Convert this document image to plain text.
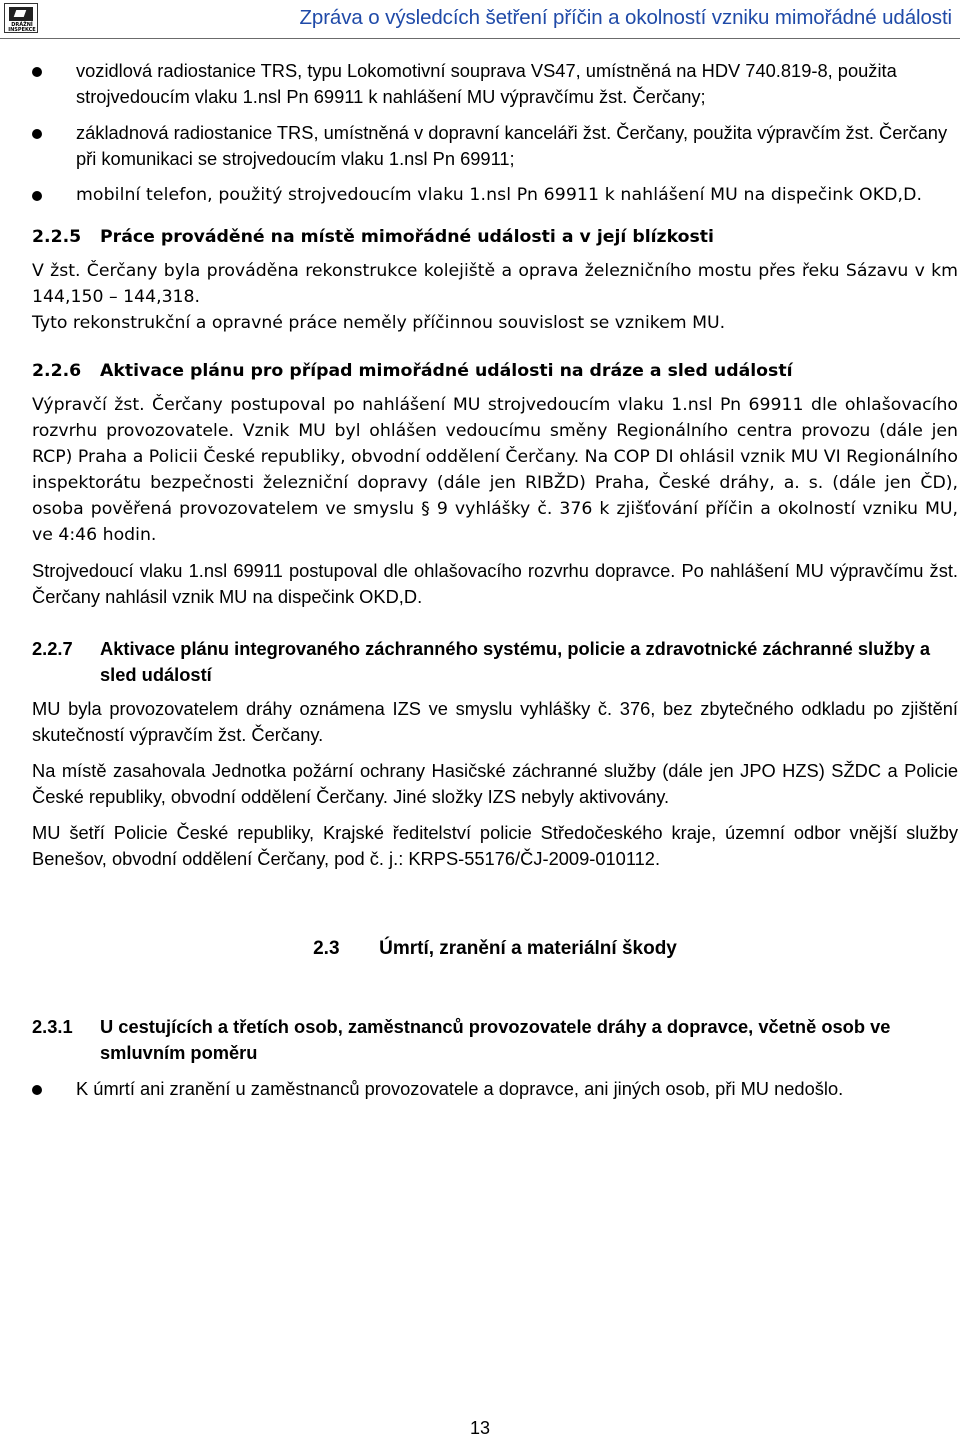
DRÁŽNÍ INSPEKCE
Zpráva o výsledcích šetření příčin a okolností vzniku mimořádné události
vozidlová radiostanice TRS, typu Lokomotivní souprava VS47, umístněná na HDV 740.819-8, použita strojvedoucím vlaku 1.nsl Pn 69911 k nahlášení MU výpravčímu žst. Čerčany;
základnová radiostanice TRS, umístněná v dopravní kanceláři žst. Čerčany, použita výpravčím žst. Čerčany při komunikaci se strojvedoucím vlaku 1.nsl Pn 69911;
mobilní telefon, použitý strojvedoucím vlaku 1.nsl Pn 69911 k nahlášení MU na dispečink OKD,D.
2.2.5	Práce prováděné na místě mimořádné události a v její blízkosti

V žst. Čerčany byla prováděna rekonstrukce kolejiště a oprava železničního mostu přes řeku Sázavu v km 144,150 – 144,318.

Tyto rekonstrukční a opravné práce neměly příčinnou souvislost se vznikem MU.

2.2.6	Aktivace plánu pro případ mimořádné události na dráze a sled událostí

Výpravčí žst. Čerčany postupoval po nahlášení MU strojvedoucím vlaku 1.nsl Pn 69911 dle ohlašovacího rozvrhu provozovatele. Vznik MU byl ohlášen vedoucímu směny Regionálního centra provozu (dále jen RCP) Praha a Policii České republiky, obvodní oddělení Čerčany. Na COP DI ohlásil vznik MU VI Regionálního inspektorátu bezpečnosti železniční dopravy (dále jen RIBŽD) Praha, České dráhy, a. s. (dále jen ČD), osoba pověřená provozovatelem ve smyslu § 9 vyhlášky č. 376 k zjišťování příčin a okolností vzniku MU, ve 4:46 hodin.

Strojvedoucí vlaku 1.nsl 69911 postupoval dle ohlašovacího rozvrhu dopravce. Po nahlášení MU výpravčímu žst. Čerčany nahlásil vznik MU na dispečink OKD,D.

2.2.7	Aktivace plánu integrovaného záchranného systému, policie a zdravotnické záchranné služby a sled událostí

MU byla provozovatelem dráhy oznámena IZS ve smyslu vyhlášky č. 376, bez zbytečného odkladu po zjištění skutečností výpravčím žst. Čerčany.

Na místě zasahovala Jednotka požární ochrany Hasičské záchranné služby (dále jen JPO HZS) SŽDC a Policie České republiky, obvodní oddělení Čerčany. Jiné složky IZS nebyly aktivovány.

MU šetří Policie České republiky, Krajské ředitelství policie Středočeského kraje, územní odbor vnější služby Benešov, obvodní oddělení Čerčany, pod č. j.: KRPS-55176/ČJ-2009-010112.

2.3	Úmrtí, zranění a materiální škody
2.3.1	U cestujících a třetích osob, zaměstnanců provozovatele dráhy a dopravce, včetně osob ve smluvním poměru
K úmrtí ani zranění u zaměstnanců provozovatele a dopravce, ani jiných osob, při MU nedošlo.
13
